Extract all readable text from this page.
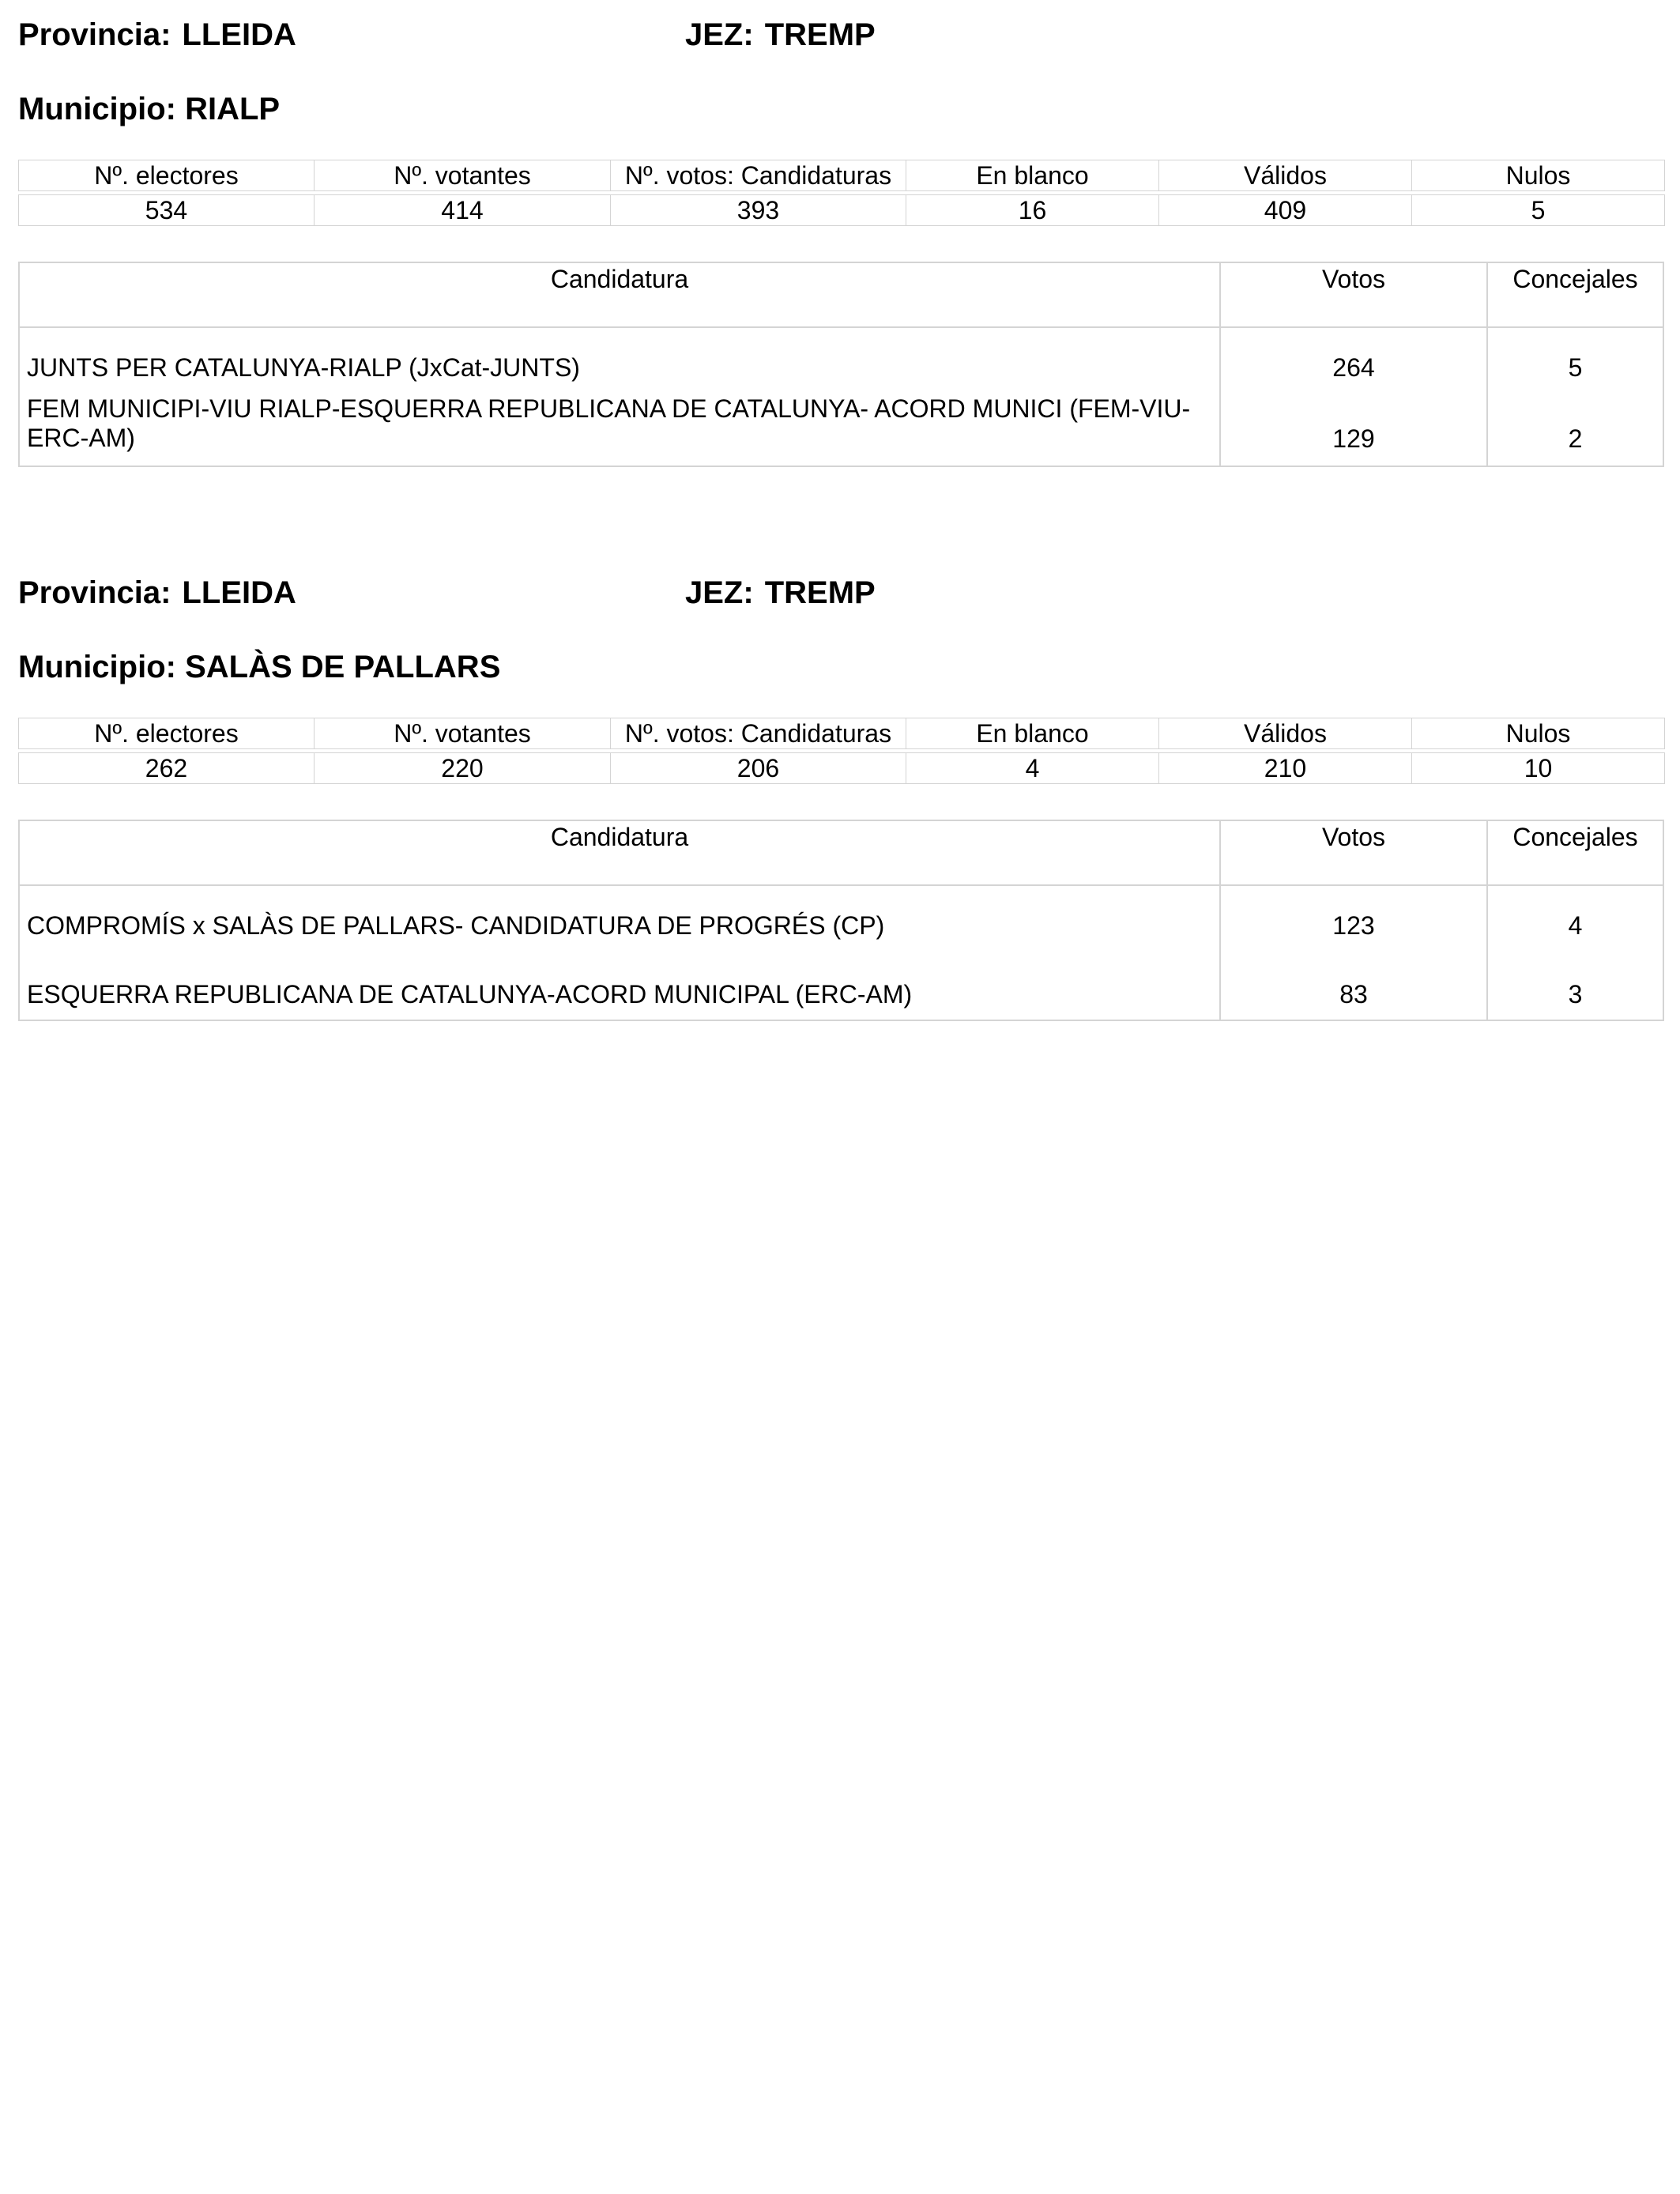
Provincia: LLEIDA	JEZ: TREMP
Municipio: RIALP
Nº. electores	Nº. votantes	Nº. votos: Candidaturas	En blanco	Válidos	Nulos

534	414	393	16	409	5
Candidatura	Votos	Concejales
JUNTS PER CATALUNYA-RIALP (JxCat-JUNTS)	264	5
FEM MUNICIPI-VIU RIALP-ESQUERRA REPUBLICANA DE CATALUNYA- ACORD MUNICI (FEM-VIU-ERC-AM)	129	2
Provincia: LLEIDA	JEZ: TREMP
Municipio: SALÀS DE PALLARS
Nº. electores	Nº. votantes	Nº. votos: Candidaturas	En blanco	Válidos	Nulos

262	220	206	4	210	10
Candidatura	Votos	Concejales
COMPROMÍS x SALÀS DE PALLARS- CANDIDATURA DE PROGRÉS (CP)	123	4
ESQUERRA REPUBLICANA DE CATALUNYA-ACORD MUNICIPAL (ERC-AM)	83	3
